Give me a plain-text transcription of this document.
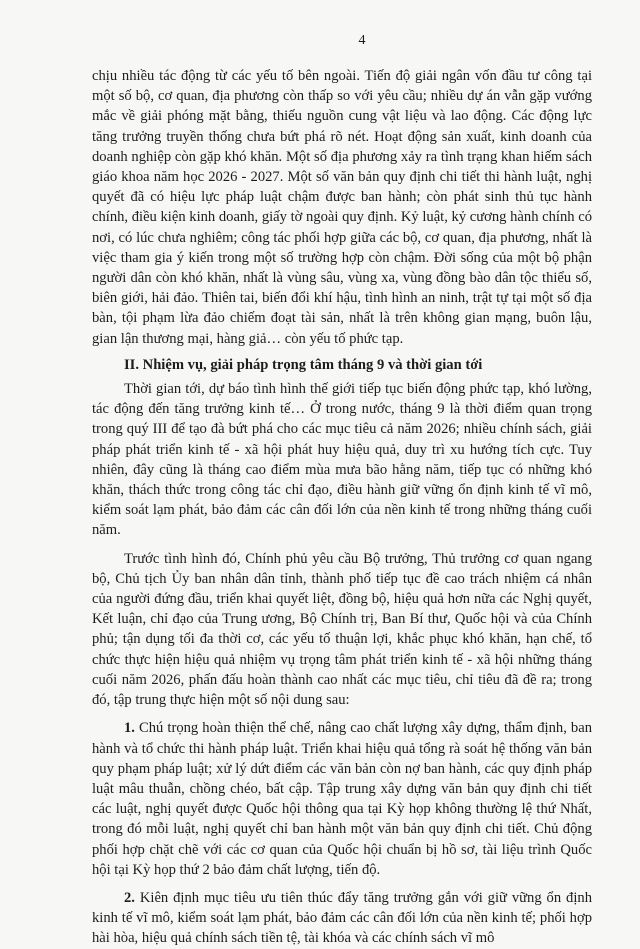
4

chịu nhiều tác động từ các yếu tố bên ngoài. Tiến độ giải ngân vốn đầu tư công tại một số bộ, cơ quan, địa phương còn thấp so với yêu cầu; nhiều dự án vẫn gặp vướng mắc về giải phóng mặt bằng, thiếu nguồn cung vật liệu và lao động. Các động lực tăng trưởng truyền thống chưa bứt phá rõ nét. Hoạt động sản xuất, kinh doanh của doanh nghiệp còn gặp khó khăn. Một số địa phương xảy ra tình trạng khan hiếm sách giáo khoa năm học 2026 - 2027. Một số văn bản quy định chi tiết thi hành luật, nghị quyết đã có hiệu lực pháp luật chậm được ban hành; còn phát sinh thủ tục hành chính, điều kiện kinh doanh, giấy tờ ngoài quy định. Kỷ luật, kỷ cương hành chính có nơi, có lúc chưa nghiêm; công tác phối hợp giữa các bộ, cơ quan, địa phương, nhất là việc tham gia ý kiến trong một số trường hợp còn chậm. Đời sống của một bộ phận người dân còn khó khăn, nhất là vùng sâu, vùng xa, vùng đồng bào dân tộc thiểu số, biên giới, hải đảo. Thiên tai, biến đổi khí hậu, tình hình an ninh, trật tự tại một số địa bàn, tội phạm lừa đảo chiếm đoạt tài sản, nhất là trên không gian mạng, buôn lậu, gian lận thương mại, hàng giả… còn yếu tố phức tạp.

II. Nhiệm vụ, giải pháp trọng tâm tháng 9 và thời gian tới

Thời gian tới, dự báo tình hình thế giới tiếp tục biến động phức tạp, khó lường, tác động đến tăng trưởng kinh tế… Ở trong nước, tháng 9 là thời điểm quan trọng trong quý III để tạo đà bứt phá cho các mục tiêu cả năm 2026; nhiều chính sách, giải pháp phát triển kinh tế - xã hội phát huy hiệu quả, duy trì xu hướng tích cực. Tuy nhiên, đây cũng là tháng cao điểm mùa mưa bão hằng năm, tiếp tục có những khó khăn, thách thức trong công tác chỉ đạo, điều hành giữ vững ổn định kinh tế vĩ mô, kiểm soát lạm phát, bảo đảm các cân đối lớn của nền kinh tế trong những tháng cuối năm.

Trước tình hình đó, Chính phủ yêu cầu Bộ trưởng, Thủ trưởng cơ quan ngang bộ, Chủ tịch Ủy ban nhân dân tỉnh, thành phố tiếp tục đề cao trách nhiệm cá nhân của người đứng đầu, triển khai quyết liệt, đồng bộ, hiệu quả hơn nữa các Nghị quyết, Kết luận, chỉ đạo của Trung ương, Bộ Chính trị, Ban Bí thư, Quốc hội và của Chính phủ; tận dụng tối đa thời cơ, các yếu tố thuận lợi, khắc phục khó khăn, hạn chế, tổ chức thực hiện hiệu quả nhiệm vụ trọng tâm phát triển kinh tế - xã hội những tháng cuối năm 2026, phấn đấu hoàn thành cao nhất các mục tiêu, chỉ tiêu đã đề ra; trong đó, tập trung thực hiện một số nội dung sau:

1. Chú trọng hoàn thiện thể chế, nâng cao chất lượng xây dựng, thẩm định, ban hành và tổ chức thi hành pháp luật. Triển khai hiệu quả tổng rà soát hệ thống văn bản quy phạm pháp luật; xử lý dứt điểm các văn bản còn nợ ban hành, các quy định pháp luật mâu thuẫn, chồng chéo, bất cập. Tập trung xây dựng văn bản quy định chi tiết các luật, nghị quyết được Quốc hội thông qua tại Kỳ họp không thường lệ thứ Nhất, trong đó mỗi luật, nghị quyết chỉ ban hành một văn bản quy định chi tiết. Chủ động phối hợp chặt chẽ với các cơ quan của Quốc hội chuẩn bị hồ sơ, tài liệu trình Quốc hội tại Kỳ họp thứ 2 bảo đảm chất lượng, tiến độ.

2. Kiên định mục tiêu ưu tiên thúc đẩy tăng trưởng gắn với giữ vững ổn định kinh tế vĩ mô, kiểm soát lạm phát, bảo đảm các cân đối lớn của nền kinh tế; phối hợp hài hòa, hiệu quả chính sách tiền tệ, tài khóa và các chính sách vĩ mô
